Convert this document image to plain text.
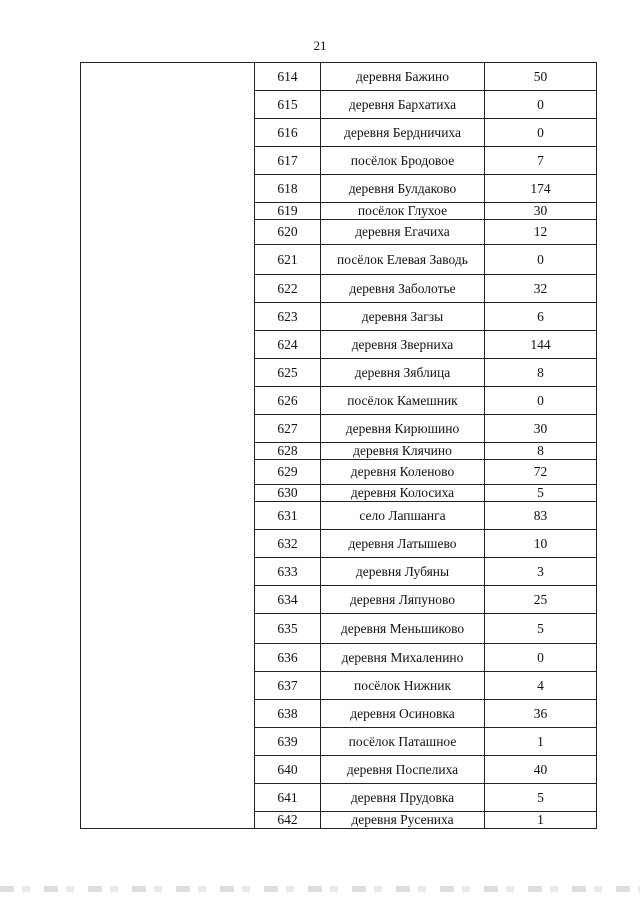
21
	614	деревня Бажино	50
	615	деревня Бархатиха	0
	616	деревня Бердничиха	0
	617	посёлок Бродовое	7
	618	деревня Булдаково	174
	619	посёлок Глухое	30
	620	деревня Егачиха	12
	621	посёлок Елевая Заводь	0
	622	деревня Заболотье	32
	623	деревня Загзы	6
	624	деревня Зверниха	144
	625	деревня Зяблица	8
	626	посёлок Камешник	0
	627	деревня Кирюшино	30
	628	деревня Клячино	8
	629	деревня Коленово	72
	630	деревня Колосиха	5
	631	село Лапшанга	83
	632	деревня Латышево	10
	633	деревня Лубяны	3
	634	деревня Ляпуново	25
	635	деревня Меньшиково	5
	636	деревня Михаленино	0
	637	посёлок Нижник	4
	638	деревня Осиновка	36
	639	посёлок Паташное	1
	640	деревня Поспелиха	40
	641	деревня Прудовка	5
	642	деревня Русениха	1
